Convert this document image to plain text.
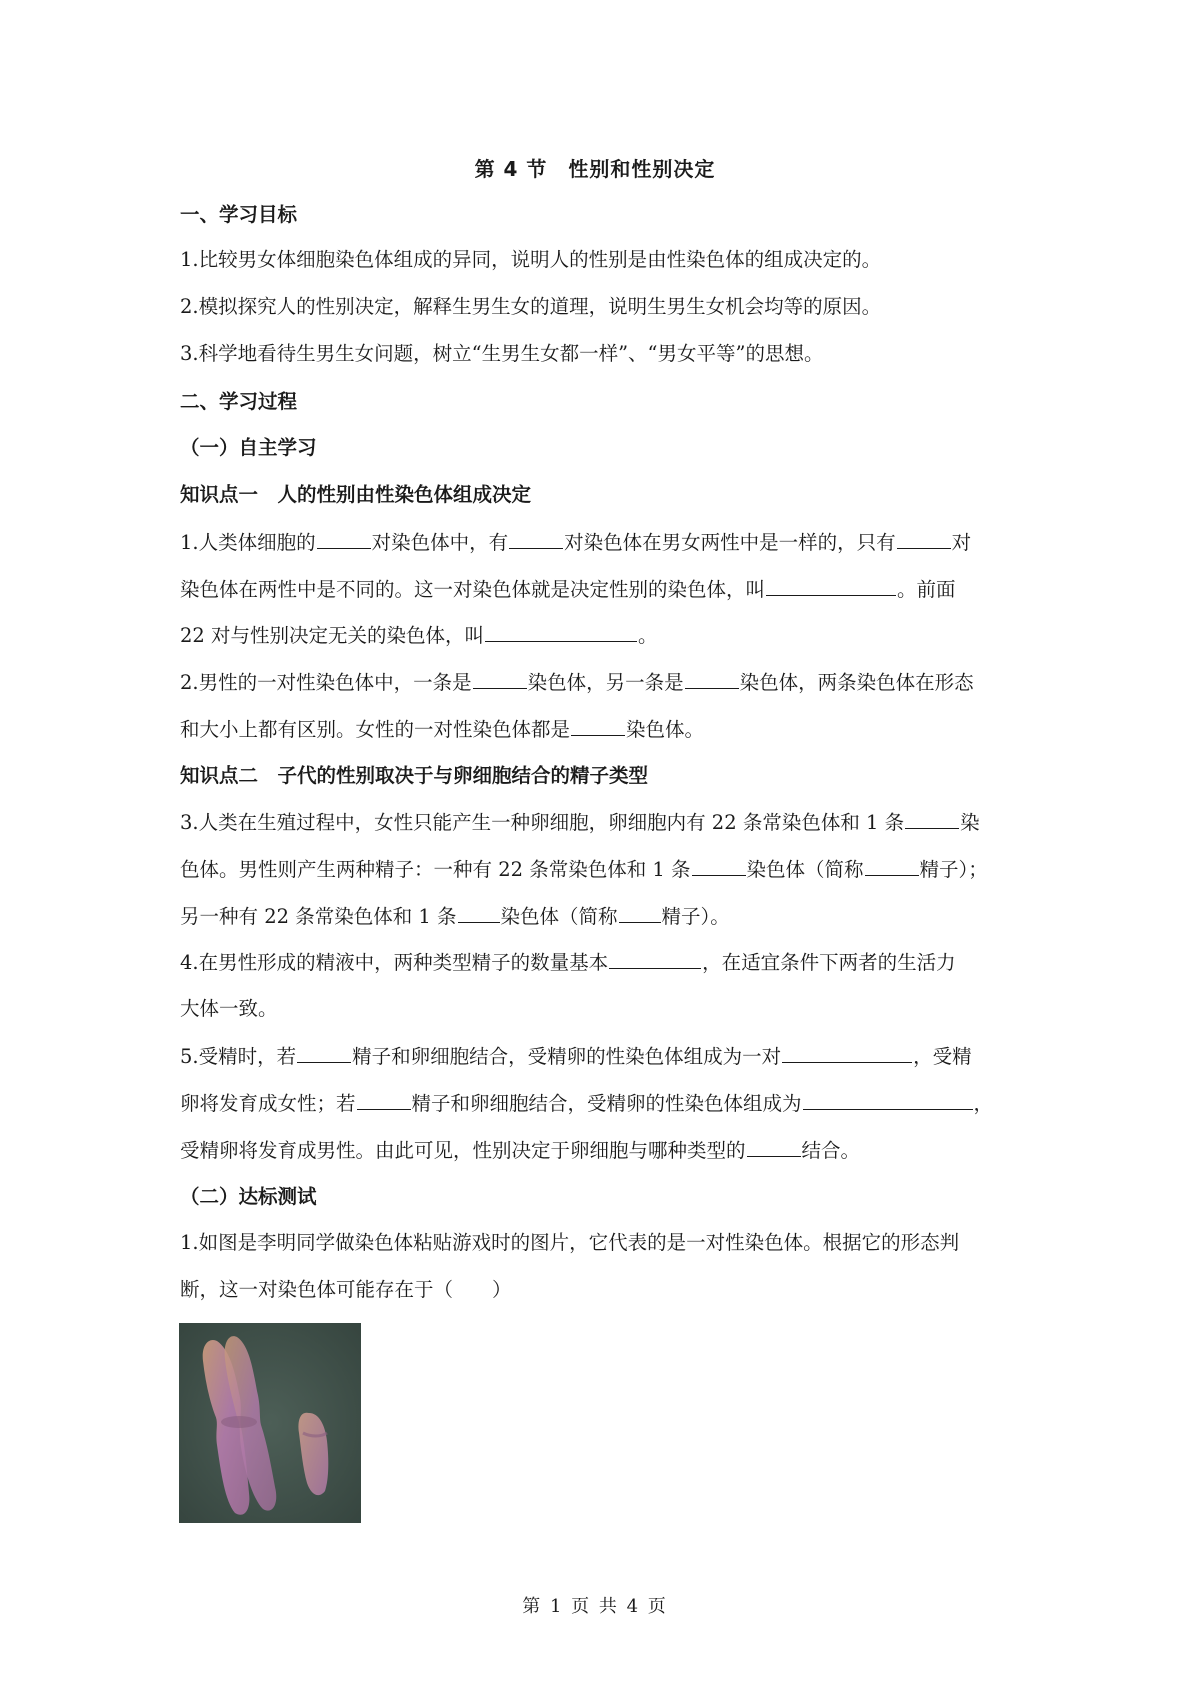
第 4 节　性别和性别决定
一、学习目标
1.比较男女体细胞染色体组成的异同，说明人的性别是由性染色体的组成决定的。
2.模拟探究人的性别决定，解释生男生女的道理，说明生男生女机会均等的原因。
3.科学地看待生男生女问题，树立“生男生女都一样”、“男女平等”的思想。
二、学习过程
（一）自主学习
知识点一　人的性别由性染色体组成决定
1.人类体细胞的	对染色体中，有	对染色体在男女两性中是一样的，只有	对
染色体在两性中是不同的。这一对染色体就是决定性别的染色体，叫	。前面
22 对与性别决定无关的染色体，叫	。
2.男性的一对性染色体中，一条是	染色体，另一条是	染色体，两条染色体在形态
和大小上都有区别。女性的一对性染色体都是	染色体。
知识点二　子代的性别取决于与卵细胞结合的精子类型
3.人类在生殖过程中，女性只能产生一种卵细胞，卵细胞内有 22 条常染色体和 1 条	染
色体。男性则产生两种精子：一种有 22 条常染色体和 1 条	染色体（简称	精子）；
另一种有 22 条常染色体和 1 条 染色体（简称 精子）。
4.在男性形成的精液中，两种类型精子的数量基本	，在适宜条件下两者的生活力
大体一致。
5.受精时，若	精子和卵细胞结合，受精卵的性染色体组成为一对	，受精
卵将发育成女性；若	精子和卵细胞结合，受精卵的性染色体组成为	，
受精卵将发育成男性。由此可见，性别决定于卵细胞与哪种类型的	结合。
（二）达标测试
1.如图是李明同学做染色体粘贴游戏时的图片，它代表的是一对性染色体。根据它的形态判
断，这一对染色体可能存在于（　　）
第 1 页 共 4 页
